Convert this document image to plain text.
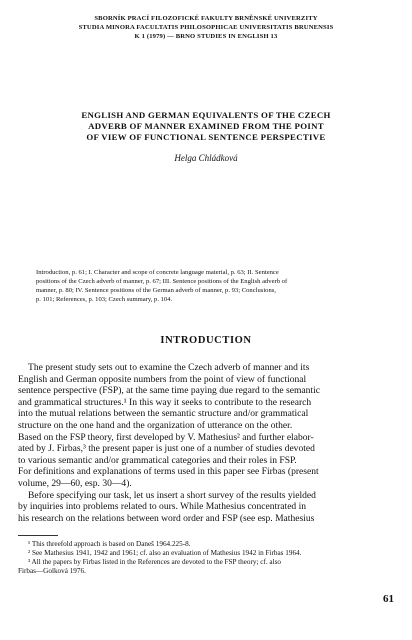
SBORNÍK PRACÍ FILOZOFICKÉ FAKULTY BRNĚNSKÉ UNIVERZITY
STUDIA MINORA FACULTATIS PHILOSOPHICAE UNIVERSITATIS BRUNENSIS
K 1 (1979) — BRNO STUDIES IN ENGLISH 13
ENGLISH AND GERMAN EQUIVALENTS OF THE CZECH
ADVERB OF MANNER EXAMINED FROM THE POINT
OF VIEW OF FUNCTIONAL SENTENCE PERSPECTIVE
Helga Chládková
Introduction, p. 61; I. Character and scope of concrete language material, p. 63; II. Sentence
positions of the Czech adverb of manner, p. 67; III. Sentence positions of the English adverb of
manner, p. 80; IV. Sentence positions of the German adverb of manner, p. 93; Conclusions,
p. 101; References, p. 103; Czech summary, p. 104.
INTRODUCTION
The present study sets out to examine the Czech adverb of manner and its
English and German opposite numbers from the point of view of functional
sentence perspective (FSP), at the same time paying due regard to the semantic
and grammatical structures.¹ In this way it seeks to contribute to the research
into the mutual relations between the semantic structure and/or grammatical
structure on the one hand and the organization of utterance on the other.
Based on the FSP theory, first developed by V. Mathesius² and further elabor-
ated by J. Firbas,³ the present paper is just one of a number of studies devoted
to various semantic and/or grammatical categories and their roles in FSP.
For definitions and explanations of terms used in this paper see Firbas (present
volume, 29—60, esp. 30—4).
Before specifying our task, let us insert a short survey of the results yielded
by inquiries into problems related to ours. While Mathesius concentrated in
his research on the relations between word order and FSP (see esp. Mathesius
¹ This threefold approach is based on Daneš 1964.225-8.
² See Mathesius 1941, 1942 and 1961; cf. also an evaluation of Mathesius 1942 in Firbas 1964.
³ All the papers by Firbas listed in the References are devoted to the FSP theory; cf. also
Firbas—Golková 1976.
61
